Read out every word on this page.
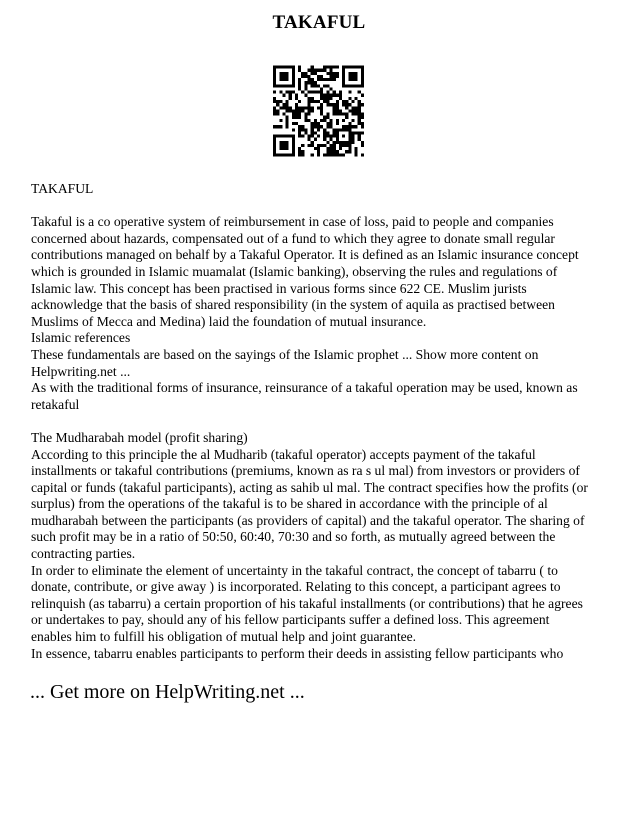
TAKAFUL
TAKAFUL
Takaful is a co operative system of reimbursement in case of loss, paid to people and companies
concerned about hazards, compensated out of a fund to which they agree to donate small regular
contributions managed on behalf by a Takaful Operator. It is defined as an Islamic insurance concept
which is grounded in Islamic muamalat (Islamic banking), observing the rules and regulations of
Islamic law. This concept has been practised in various forms since 622 CE. Muslim jurists
acknowledge that the basis of shared responsibility (in the system of aquila as practised between
Muslims of Mecca and Medina) laid the foundation of mutual insurance.
Islamic references
These fundamentals are based on the sayings of the Islamic prophet ... Show more content on
Helpwriting.net ...
As with the traditional forms of insurance, reinsurance of a takaful operation may be used, known as
retakaful
The Mudharabah model (profit sharing)
According to this principle the al Mudharib (takaful operator) accepts payment of the takaful
installments or takaful contributions (premiums, known as ra s ul mal) from investors or providers of
capital or funds (takaful participants), acting as sahib ul mal. The contract specifies how the profits (or
surplus) from the operations of the takaful is to be shared in accordance with the principle of al
mudharabah between the participants (as providers of capital) and the takaful operator. The sharing of
such profit may be in a ratio of 50:50, 60:40, 70:30 and so forth, as mutually agreed between the
contracting parties.
In order to eliminate the element of uncertainty in the takaful contract, the concept of tabarru ( to
donate, contribute, or give away ) is incorporated. Relating to this concept, a participant agrees to
relinquish (as tabarru) a certain proportion of his takaful installments (or contributions) that he agrees
or undertakes to pay, should any of his fellow participants suffer a defined loss. This agreement
enables him to fulfill his obligation of mutual help and joint guarantee.
In essence, tabarru enables participants to perform their deeds in assisting fellow participants who
... Get more on HelpWriting.net ...
